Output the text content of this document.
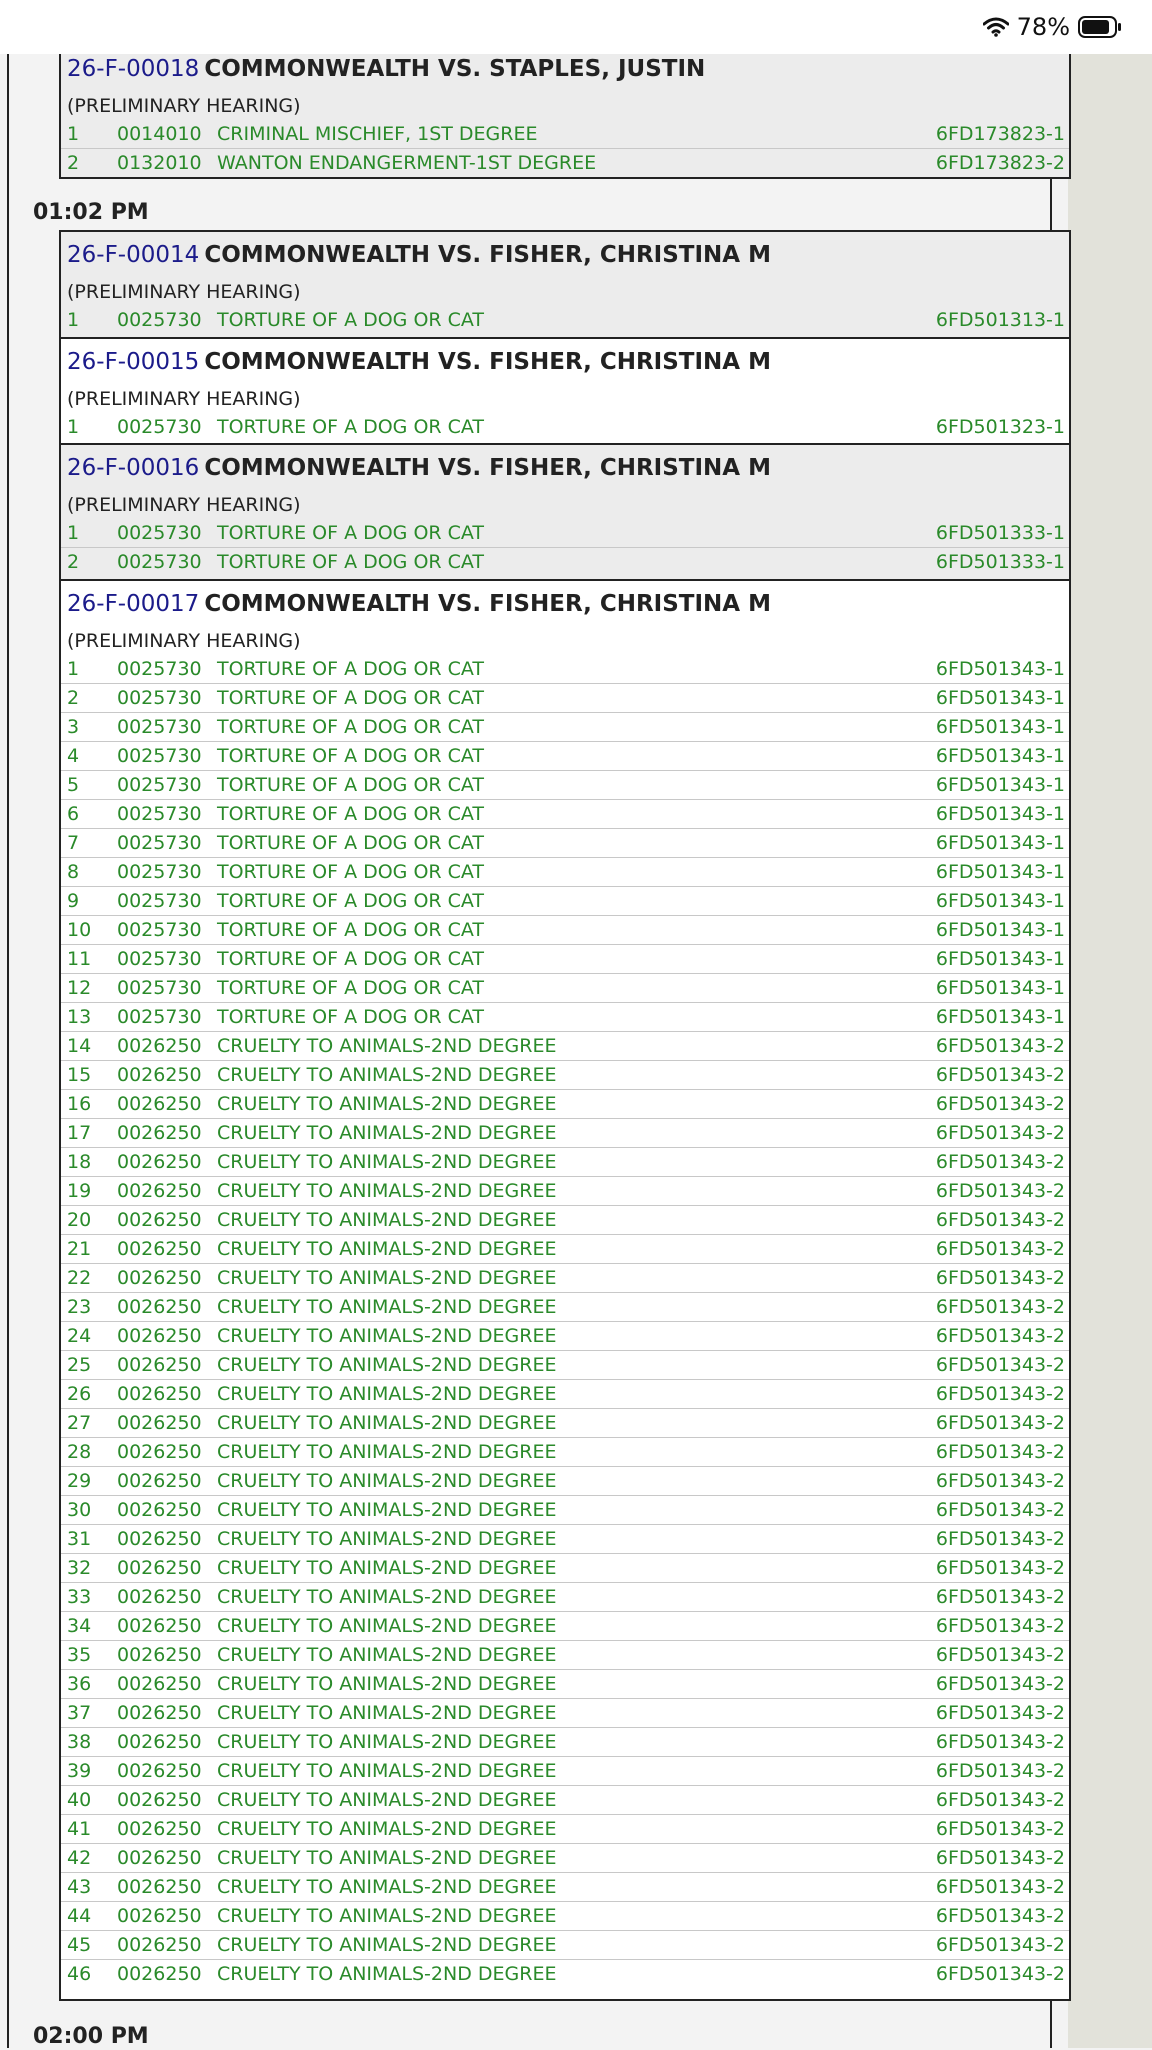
78%
01:02 PM
02:00 PM
26-F-00018 COMMONWEALTH VS. STAPLES, JUSTIN
(PRELIMINARY HEARING)
1 0014010 CRIMINAL MISCHIEF, 1ST DEGREE	6FD173823-1
2 0132010 WANTON ENDANGERMENT-1ST DEGREE	6FD173823-2
26-F-00014 COMMONWEALTH VS. FISHER, CHRISTINA M
(PRELIMINARY HEARING)
1 0025730 TORTURE OF A DOG OR CAT	6FD501313-1
26-F-00015 COMMONWEALTH VS. FISHER, CHRISTINA M
(PRELIMINARY HEARING)
1 0025730 TORTURE OF A DOG OR CAT	6FD501323-1
26-F-00016 COMMONWEALTH VS. FISHER, CHRISTINA M
(PRELIMINARY HEARING)
1 0025730 TORTURE OF A DOG OR CAT	6FD501333-1
2 0025730 TORTURE OF A DOG OR CAT	6FD501333-1
26-F-00017 COMMONWEALTH VS. FISHER, CHRISTINA M
(PRELIMINARY HEARING)
1 0025730 TORTURE OF A DOG OR CAT	6FD501343-1
2 0025730 TORTURE OF A DOG OR CAT	6FD501343-1
3 0025730 TORTURE OF A DOG OR CAT	6FD501343-1
4 0025730 TORTURE OF A DOG OR CAT	6FD501343-1
5 0025730 TORTURE OF A DOG OR CAT	6FD501343-1
6 0025730 TORTURE OF A DOG OR CAT	6FD501343-1
7 0025730 TORTURE OF A DOG OR CAT	6FD501343-1
8 0025730 TORTURE OF A DOG OR CAT	6FD501343-1
9 0025730 TORTURE OF A DOG OR CAT	6FD501343-1
10 0025730 TORTURE OF A DOG OR CAT	6FD501343-1
11 0025730 TORTURE OF A DOG OR CAT	6FD501343-1
12 0025730 TORTURE OF A DOG OR CAT	6FD501343-1
13 0025730 TORTURE OF A DOG OR CAT	6FD501343-1
14 0026250 CRUELTY TO ANIMALS-2ND DEGREE	6FD501343-2
15 0026250 CRUELTY TO ANIMALS-2ND DEGREE	6FD501343-2
16 0026250 CRUELTY TO ANIMALS-2ND DEGREE	6FD501343-2
17 0026250 CRUELTY TO ANIMALS-2ND DEGREE	6FD501343-2
18 0026250 CRUELTY TO ANIMALS-2ND DEGREE	6FD501343-2
19 0026250 CRUELTY TO ANIMALS-2ND DEGREE	6FD501343-2
20 0026250 CRUELTY TO ANIMALS-2ND DEGREE	6FD501343-2
21 0026250 CRUELTY TO ANIMALS-2ND DEGREE	6FD501343-2
22 0026250 CRUELTY TO ANIMALS-2ND DEGREE	6FD501343-2
23 0026250 CRUELTY TO ANIMALS-2ND DEGREE	6FD501343-2
24 0026250 CRUELTY TO ANIMALS-2ND DEGREE	6FD501343-2
25 0026250 CRUELTY TO ANIMALS-2ND DEGREE	6FD501343-2
26 0026250 CRUELTY TO ANIMALS-2ND DEGREE	6FD501343-2
27 0026250 CRUELTY TO ANIMALS-2ND DEGREE	6FD501343-2
28 0026250 CRUELTY TO ANIMALS-2ND DEGREE	6FD501343-2
29 0026250 CRUELTY TO ANIMALS-2ND DEGREE	6FD501343-2
30 0026250 CRUELTY TO ANIMALS-2ND DEGREE	6FD501343-2
31 0026250 CRUELTY TO ANIMALS-2ND DEGREE	6FD501343-2
32 0026250 CRUELTY TO ANIMALS-2ND DEGREE	6FD501343-2
33 0026250 CRUELTY TO ANIMALS-2ND DEGREE	6FD501343-2
34 0026250 CRUELTY TO ANIMALS-2ND DEGREE	6FD501343-2
35 0026250 CRUELTY TO ANIMALS-2ND DEGREE	6FD501343-2
36 0026250 CRUELTY TO ANIMALS-2ND DEGREE	6FD501343-2
37 0026250 CRUELTY TO ANIMALS-2ND DEGREE	6FD501343-2
38 0026250 CRUELTY TO ANIMALS-2ND DEGREE	6FD501343-2
39 0026250 CRUELTY TO ANIMALS-2ND DEGREE	6FD501343-2
40 0026250 CRUELTY TO ANIMALS-2ND DEGREE	6FD501343-2
41 0026250 CRUELTY TO ANIMALS-2ND DEGREE	6FD501343-2
42 0026250 CRUELTY TO ANIMALS-2ND DEGREE	6FD501343-2
43 0026250 CRUELTY TO ANIMALS-2ND DEGREE	6FD501343-2
44 0026250 CRUELTY TO ANIMALS-2ND DEGREE	6FD501343-2
45 0026250 CRUELTY TO ANIMALS-2ND DEGREE	6FD501343-2
46 0026250 CRUELTY TO ANIMALS-2ND DEGREE	6FD501343-2
